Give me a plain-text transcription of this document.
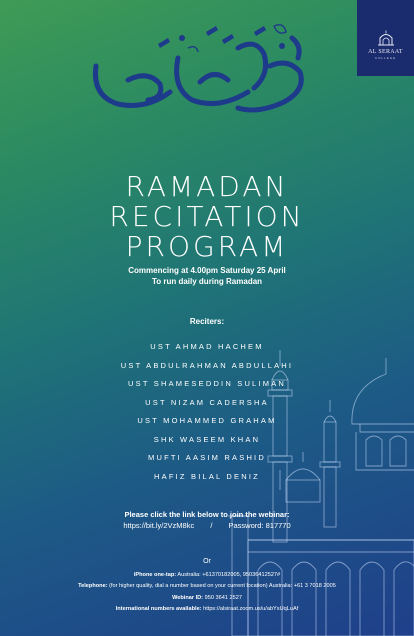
AL SERAAT
COLLEGE
RAMADAN
RECITATION
PROGRAM
Commencing at 4.00pm Saturday 25 April
To run daily during Ramadan
Reciters:
UST AHMAD HACHEM
UST ABDULRAHMAN ABDULLAHI
UST SHAMESEDDIN SULIMAN
UST NIZAM CADERSHA
UST MOHAMMED GRAHAM
SHK WASEEM KHAN
MUFTI AASIM RASHID
HAFIZ BILAL DENIZ
Please click the link below to join the webinar:
https://bit.ly/2VzM8kc / Password: 817770
Or
iPhone one-tap: Australia: +61370182005, 95036412527#
Telephone: (for higher quality, dial a number based on your current location) Australia: +61 3 7018 2005
Webinar ID: 950 3641 2527
International numbers available: https://alsiraat.zoom.us/u/abYsUqLuAf
